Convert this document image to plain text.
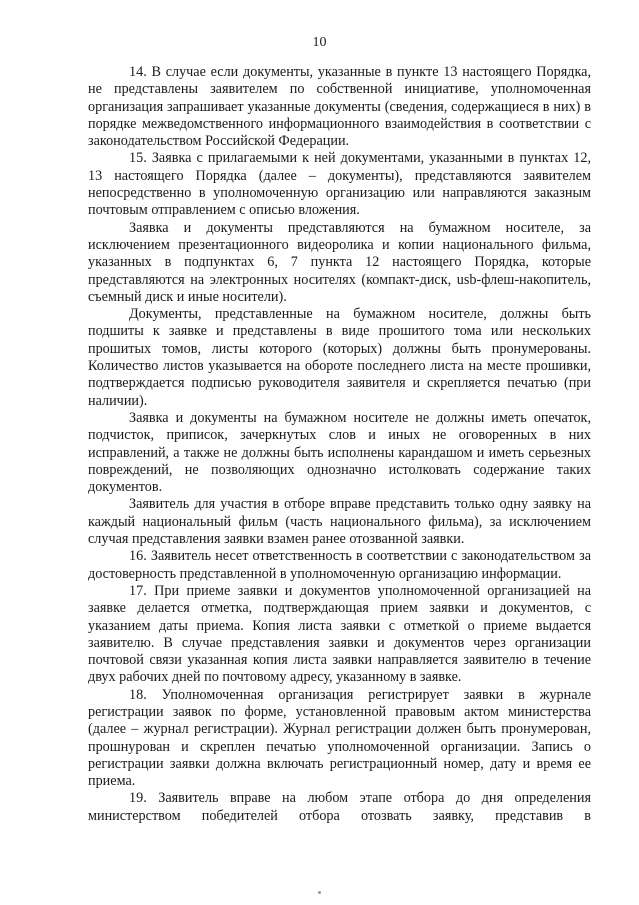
10

14. В случае если документы, указанные в пункте 13 настоящего Порядка, не представлены заявителем по собственной инициативе, уполномоченная организация запрашивает указанные документы (сведения, содержащиеся в них) в порядке межведомственного информационного взаимодействия в соответствии с законодательством Российской Федерации.

15. Заявка с прилагаемыми к ней документами, указанными в пунктах 12, 13 настоящего Порядка (далее – документы), представляются заявителем непосредственно в уполномоченную организацию или направляются заказным почтовым отправлением с описью вложения.

Заявка и документы представляются на бумажном носителе, за исключением презентационного видеоролика и копии национального фильма, указанных в подпунктах 6, 7 пункта 12 настоящего Порядка, которые представляются на электронных носителях (компакт-диск, usb-флеш-накопитель, съемный диск и иные носители).

Документы, представленные на бумажном носителе, должны быть подшиты к заявке и представлены в виде прошитого тома или нескольких прошитых томов, листы которого (которых) должны быть пронумерованы. Количество листов указывается на обороте последнего листа на месте прошивки, подтверждается подписью руководителя заявителя и скрепляется печатью (при наличии).

Заявка и документы на бумажном носителе не должны иметь опечаток, подчисток, приписок, зачеркнутых слов и иных не оговоренных в них исправлений, а также не должны быть исполнены карандашом и иметь серьезных повреждений, не позволяющих однозначно истолковать содержание таких документов.

Заявитель для участия в отборе вправе представить только одну заявку на каждый национальный фильм (часть национального фильма), за исключением случая представления заявки взамен ранее отозванной заявки.

16. Заявитель несет ответственность в соответствии с законодательством за достоверность представленной в уполномоченную организацию информации.

17. При приеме заявки и документов уполномоченной организацией на заявке делается отметка, подтверждающая прием заявки и документов, с указанием даты приема. Копия листа заявки с отметкой о приеме выдается заявителю. В случае представления заявки и документов через организации почтовой связи указанная копия листа заявки направляется заявителю в течение двух рабочих дней по почтовому адресу, указанному в заявке.

18. Уполномоченная организация регистрирует заявки в журнале регистрации заявок по форме, установленной правовым актом министерства (далее – журнал регистрации). Журнал регистрации должен быть пронумерован, прошнурован и скреплен печатью уполномоченной организации. Запись о регистрации заявки должна включать регистрационный номер, дату и время ее приема.

19. Заявитель вправе на любом этапе отбора до дня определения министерством победителей отбора отозвать заявку, представив в
